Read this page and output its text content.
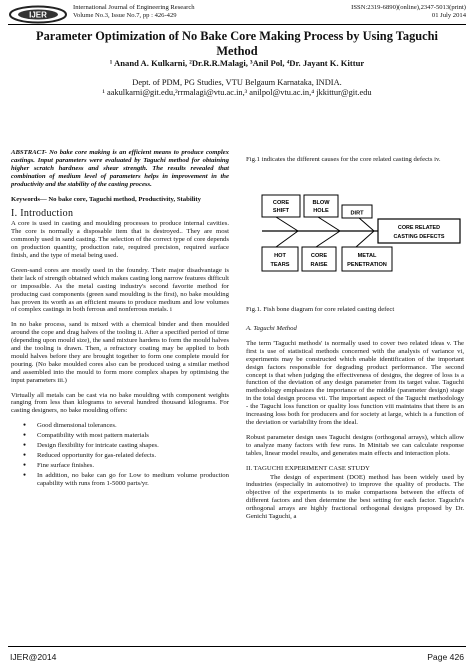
IJER
International Journal of Engineering Research
Volume No.3, Issue No.7, pp : 426-429
ISSN:2319-6890)(online),2347-5013(print)
01 July 2014
Parameter Optimization of No Bake Core Making Process by Using Taguchi
Method
¹ Anand A. Kulkarni, ²Dr.R.R.Malagi, ³Anil Pol, ⁴Dr. Jayant K. Kittur
Dept. of PDM, PG Studies, VTU Belgaum Karnataka, INDIA.
¹ aakulkarni@git.edu,²rrmalagi@vtu.ac.in,³ anilpol@vtu.ac.in,⁴ jkkittur@git.edu

ABSTRACT- No bake core making is an efficient means to produce complex castings. Input parameters were evaluated by Taguchi method for obtaining higher scratch hardness and shear strength. The results revealed that combination of medium level of parameters helps in improvement in the productivity and the stability of the casting process.

Keywords— No bake core, Taguchi method, Productivity, Stability

I. Introduction

A core is used in casting and moulding processes to produce internal cavities. The core is normally a disposable item that is destroyed.. They are most commonly used in sand casting. The selection of the correct type of core depends on production quantity, production rate, required precision, required surface finish, and the type of metal being used.

Green-sand cores are mostly used in the foundry. Their major disadvantage is their lack of strength obtained which makes casting long narrow features difficult or impossible. As the metal casting industry's second favorite method for producing cast components (green sand moulding is the first), no bake moulding has proven its worth as an efficient means to produce medium and low volumes of complex castings in both ferrous and nonferrous metals. i

In no bake process, sand is mixed with a chemical binder and then moulded around the cope and drag halves of the tooling ii. After a specified period of time (depending upon mould size), the sand mixture hardens to form the mould halves and the tooling is drawn. Then, a refractory coating may be applied to both mould halves before they are brought together to form one complete mould for pouring. (No bake moulded cores also can be produced using a similar method and assembled into the mould to form more complex shapes by optimising the input parameters iii.)

Virtually all metals can be cast via no bake moulding with component weights ranging from less than kilograms to several hundred thousand kilograms. For casting designers, no bake moulding offers:

● Good dimensional tolerances.
● Compatibility with most pattern materials
● Design flexibility for intricate casting shapes.
● Reduced opportunity for gas-related defects.
● Fine surface finishes.
● In addition, no bake can go for Low to medium volume production capability with runs from 1-5000 parts/yr.
Fig.1 indicates the different causes for the core related casting defects iv.
CORE
SHIFT
BLOW
HOLE	DIRT
CORE RELATED
CASTING DEFECTS
HOT
TEARS
CORE
RAISE
METAL
PENETRATION
Fig.1. Fish bone diagram for core related casting defect

A. Taguchi Method

The term 'Taguchi methods' is normally used to cover two related ideas v. The first is use of statistical methods concerned with the analysis of variance vi, experiments may be constructed which enable identification of the important design factors responsible for degrading product performance. The second concept is that when judging the effectiveness of designs, the degree of loss is a function of the deviation of any design parameter from its target value. Taguchi methodology emphasizes the importance of the middle (parameter design) stage in the total design process vii. The important aspect of the Taguchi methodology - the Taguchi loss function or quality loss function viii maintains that there is an increasing loss both for producers and for society at large, which is a function of the deviation or variability from the ideal.

Robust parameter design uses Taguchi designs (orthogonal arrays), which allow to analyze many factors with few runs. In Minitab we can calculate response tables, linear model results, and generates main effects and interaction plots.

II. TAGUCHI EXPERIMENT CASE STUDY

The design of experiment (DOE) method has been widely used by industries (especially in automotive) to improve the quality of products. The objective of the experiments is to make comparisons between the effects of different factors and then determine the best setting for each factor. Taguchi's orthogonal arrays are highly fractional orthogonal designs proposed by Dr. Genichi Taguchi, a

IJER@2014	Page 426
